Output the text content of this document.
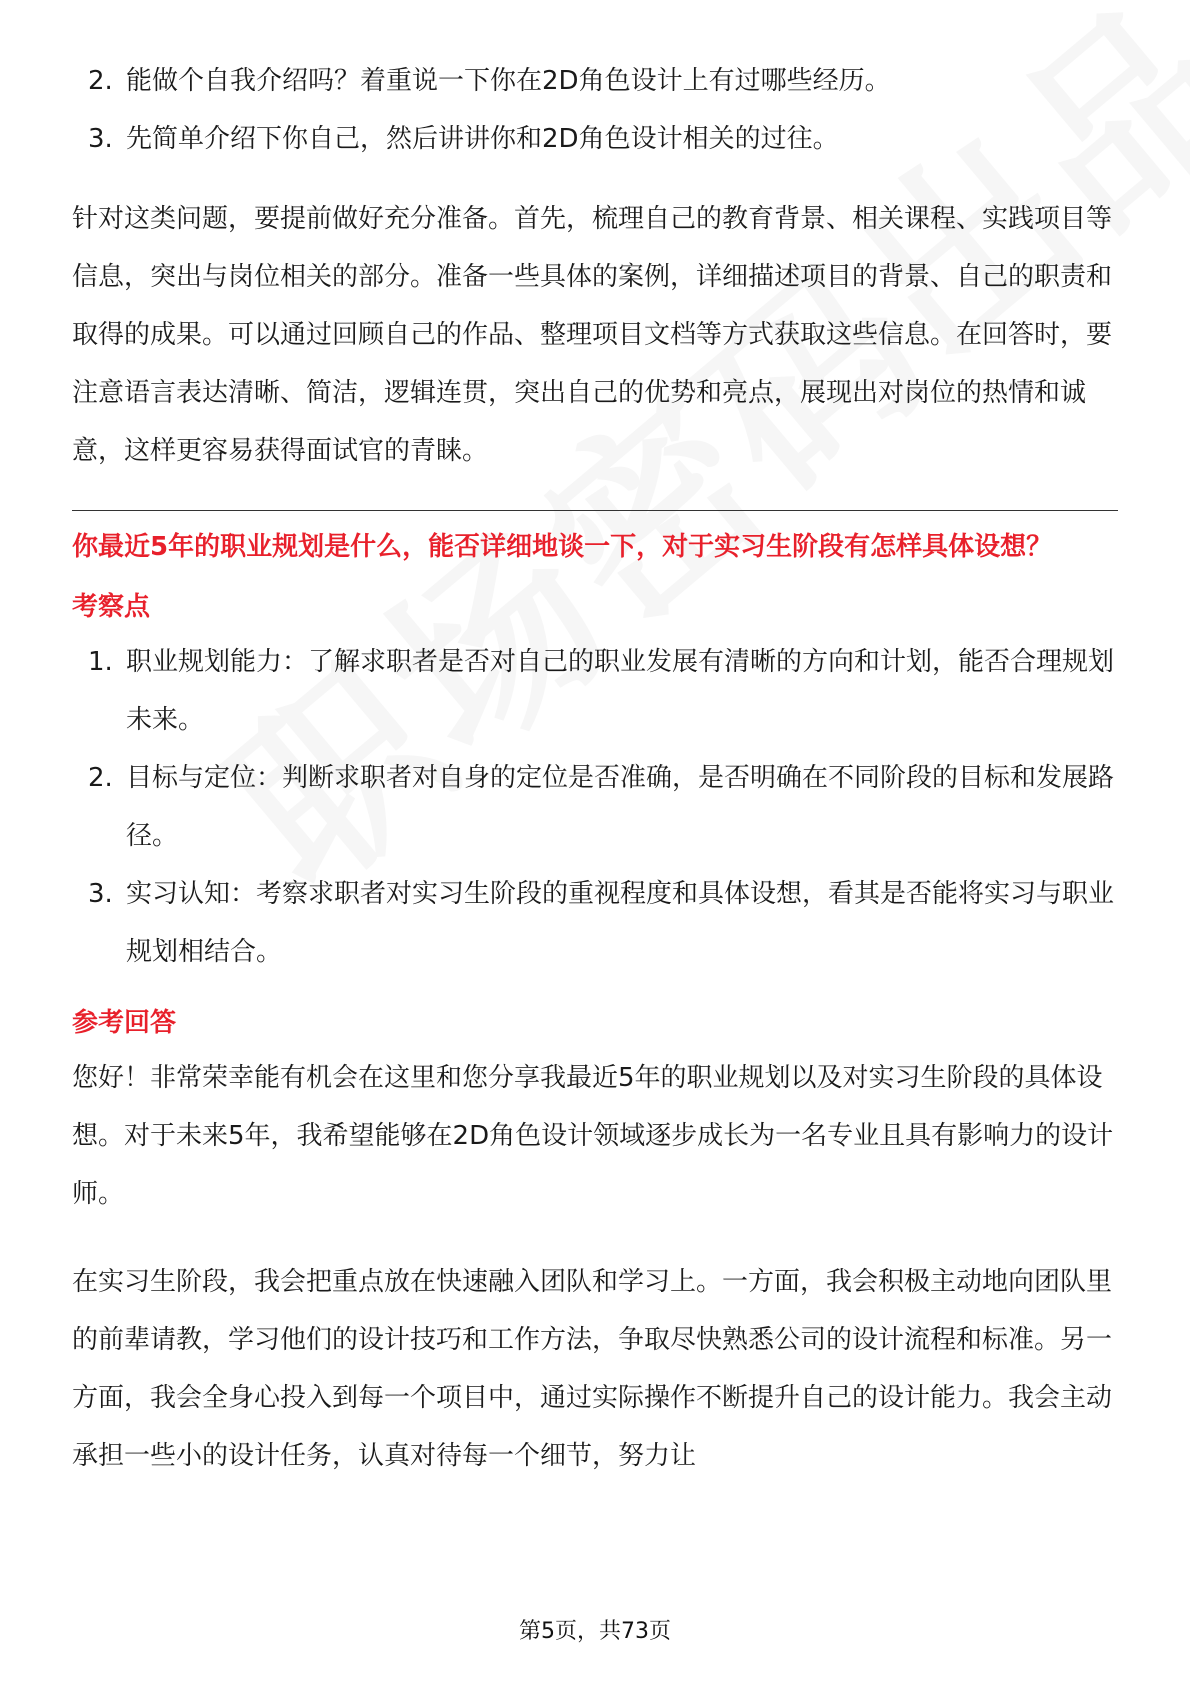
2. 能做个自我介绍吗？着重说一下你在2D角色设计上有过哪些经历。
3. 先简单介绍下你自己，然后讲讲你和2D角色设计相关的过往。

针对这类问题，要提前做好充分准备。首先，梳理自己的教育背景、相关课程、实践项目等信息，突出与岗位相关的部分。准备一些具体的案例，详细描述项目的背景、自己的职责和取得的成果。可以通过回顾自己的作品、整理项目文档等方式获取这些信息。在回答时，要注意语言表达清晰、简洁，逻辑连贯，突出自己的优势和亮点，展现出对岗位的热情和诚意，这样更容易获得面试官的青睐。

你最近5年的职业规划是什么，能否详细地谈一下，对于实习生阶段有怎样具体设想？

考察点
1. 职业规划能力：了解求职者是否对自己的职业发展有清晰的方向和计划，能否合理规划未来。
2. 目标与定位：判断求职者对自身的定位是否准确，是否明确在不同阶段的目标和发展路径。
3. 实习认知：考察求职者对实习生阶段的重视程度和具体设想，看其是否能将实习与职业规划相结合。
参考回答

您好！非常荣幸能有机会在这里和您分享我最近5年的职业规划以及对实习生阶段的具体设想。对于未来5年，我希望能够在2D角色设计领域逐步成长为一名专业且具有影响力的设计师。

在实习生阶段，我会把重点放在快速融入团队和学习上。一方面，我会积极主动地向团队里的前辈请教，学习他们的设计技巧和工作方法，争取尽快熟悉公司的设计流程和标准。另一方面，我会全身心投入到每一个项目中，通过实际操作不断提升自己的设计能力。我会主动承担一些小的设计任务，认真对待每一个细节，努力让

第5页，共73页
